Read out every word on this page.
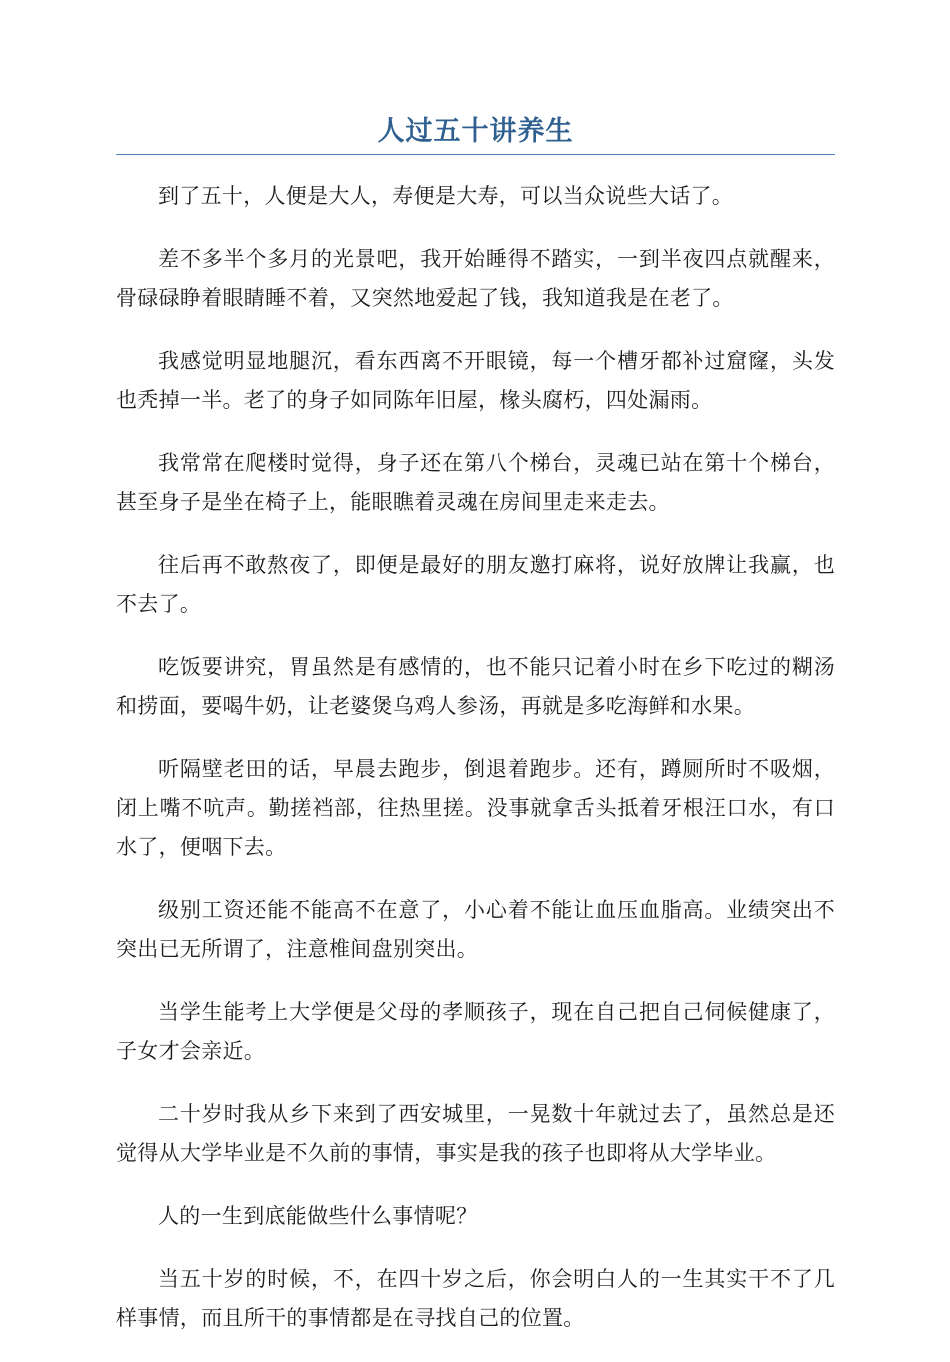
人过五十讲养生

到了五十，人便是大人，寿便是大寿，可以当众说些大话了。

差不多半个多月的光景吧，我开始睡得不踏实，一到半夜四点就醒来，骨碌碌睁着眼睛睡不着，又突然地爱起了钱，我知道我是在老了。

我感觉明显地腿沉，看东西离不开眼镜，每一个槽牙都补过窟窿，头发也秃掉一半。老了的身子如同陈年旧屋，椽头腐朽，四处漏雨。

我常常在爬楼时觉得，身子还在第八个梯台，灵魂已站在第十个梯台，甚至身子是坐在椅子上，能眼瞧着灵魂在房间里走来走去。

往后再不敢熬夜了，即便是最好的朋友邀打麻将，说好放牌让我赢，也不去了。

吃饭要讲究，胃虽然是有感情的，也不能只记着小时在乡下吃过的糊汤和捞面，要喝牛奶，让老婆煲乌鸡人参汤，再就是多吃海鲜和水果。

听隔壁老田的话，早晨去跑步，倒退着跑步。还有，蹲厕所时不吸烟，闭上嘴不吭声。勤搓裆部，往热里搓。没事就拿舌头抵着牙根汪口水，有口水了，便咽下去。

级别工资还能不能高不在意了，小心着不能让血压血脂高。业绩突出不突出已无所谓了，注意椎间盘别突出。

当学生能考上大学便是父母的孝顺孩子，现在自己把自己伺候健康了，子女才会亲近。

二十岁时我从乡下来到了西安城里，一晃数十年就过去了，虽然总是还觉得从大学毕业是不久前的事情，事实是我的孩子也即将从大学毕业。

人的一生到底能做些什么事情呢？

当五十岁的时候，不，在四十岁之后，你会明白人的一生其实干不了几样事情，而且所干的事情都是在寻找自己的位置。
